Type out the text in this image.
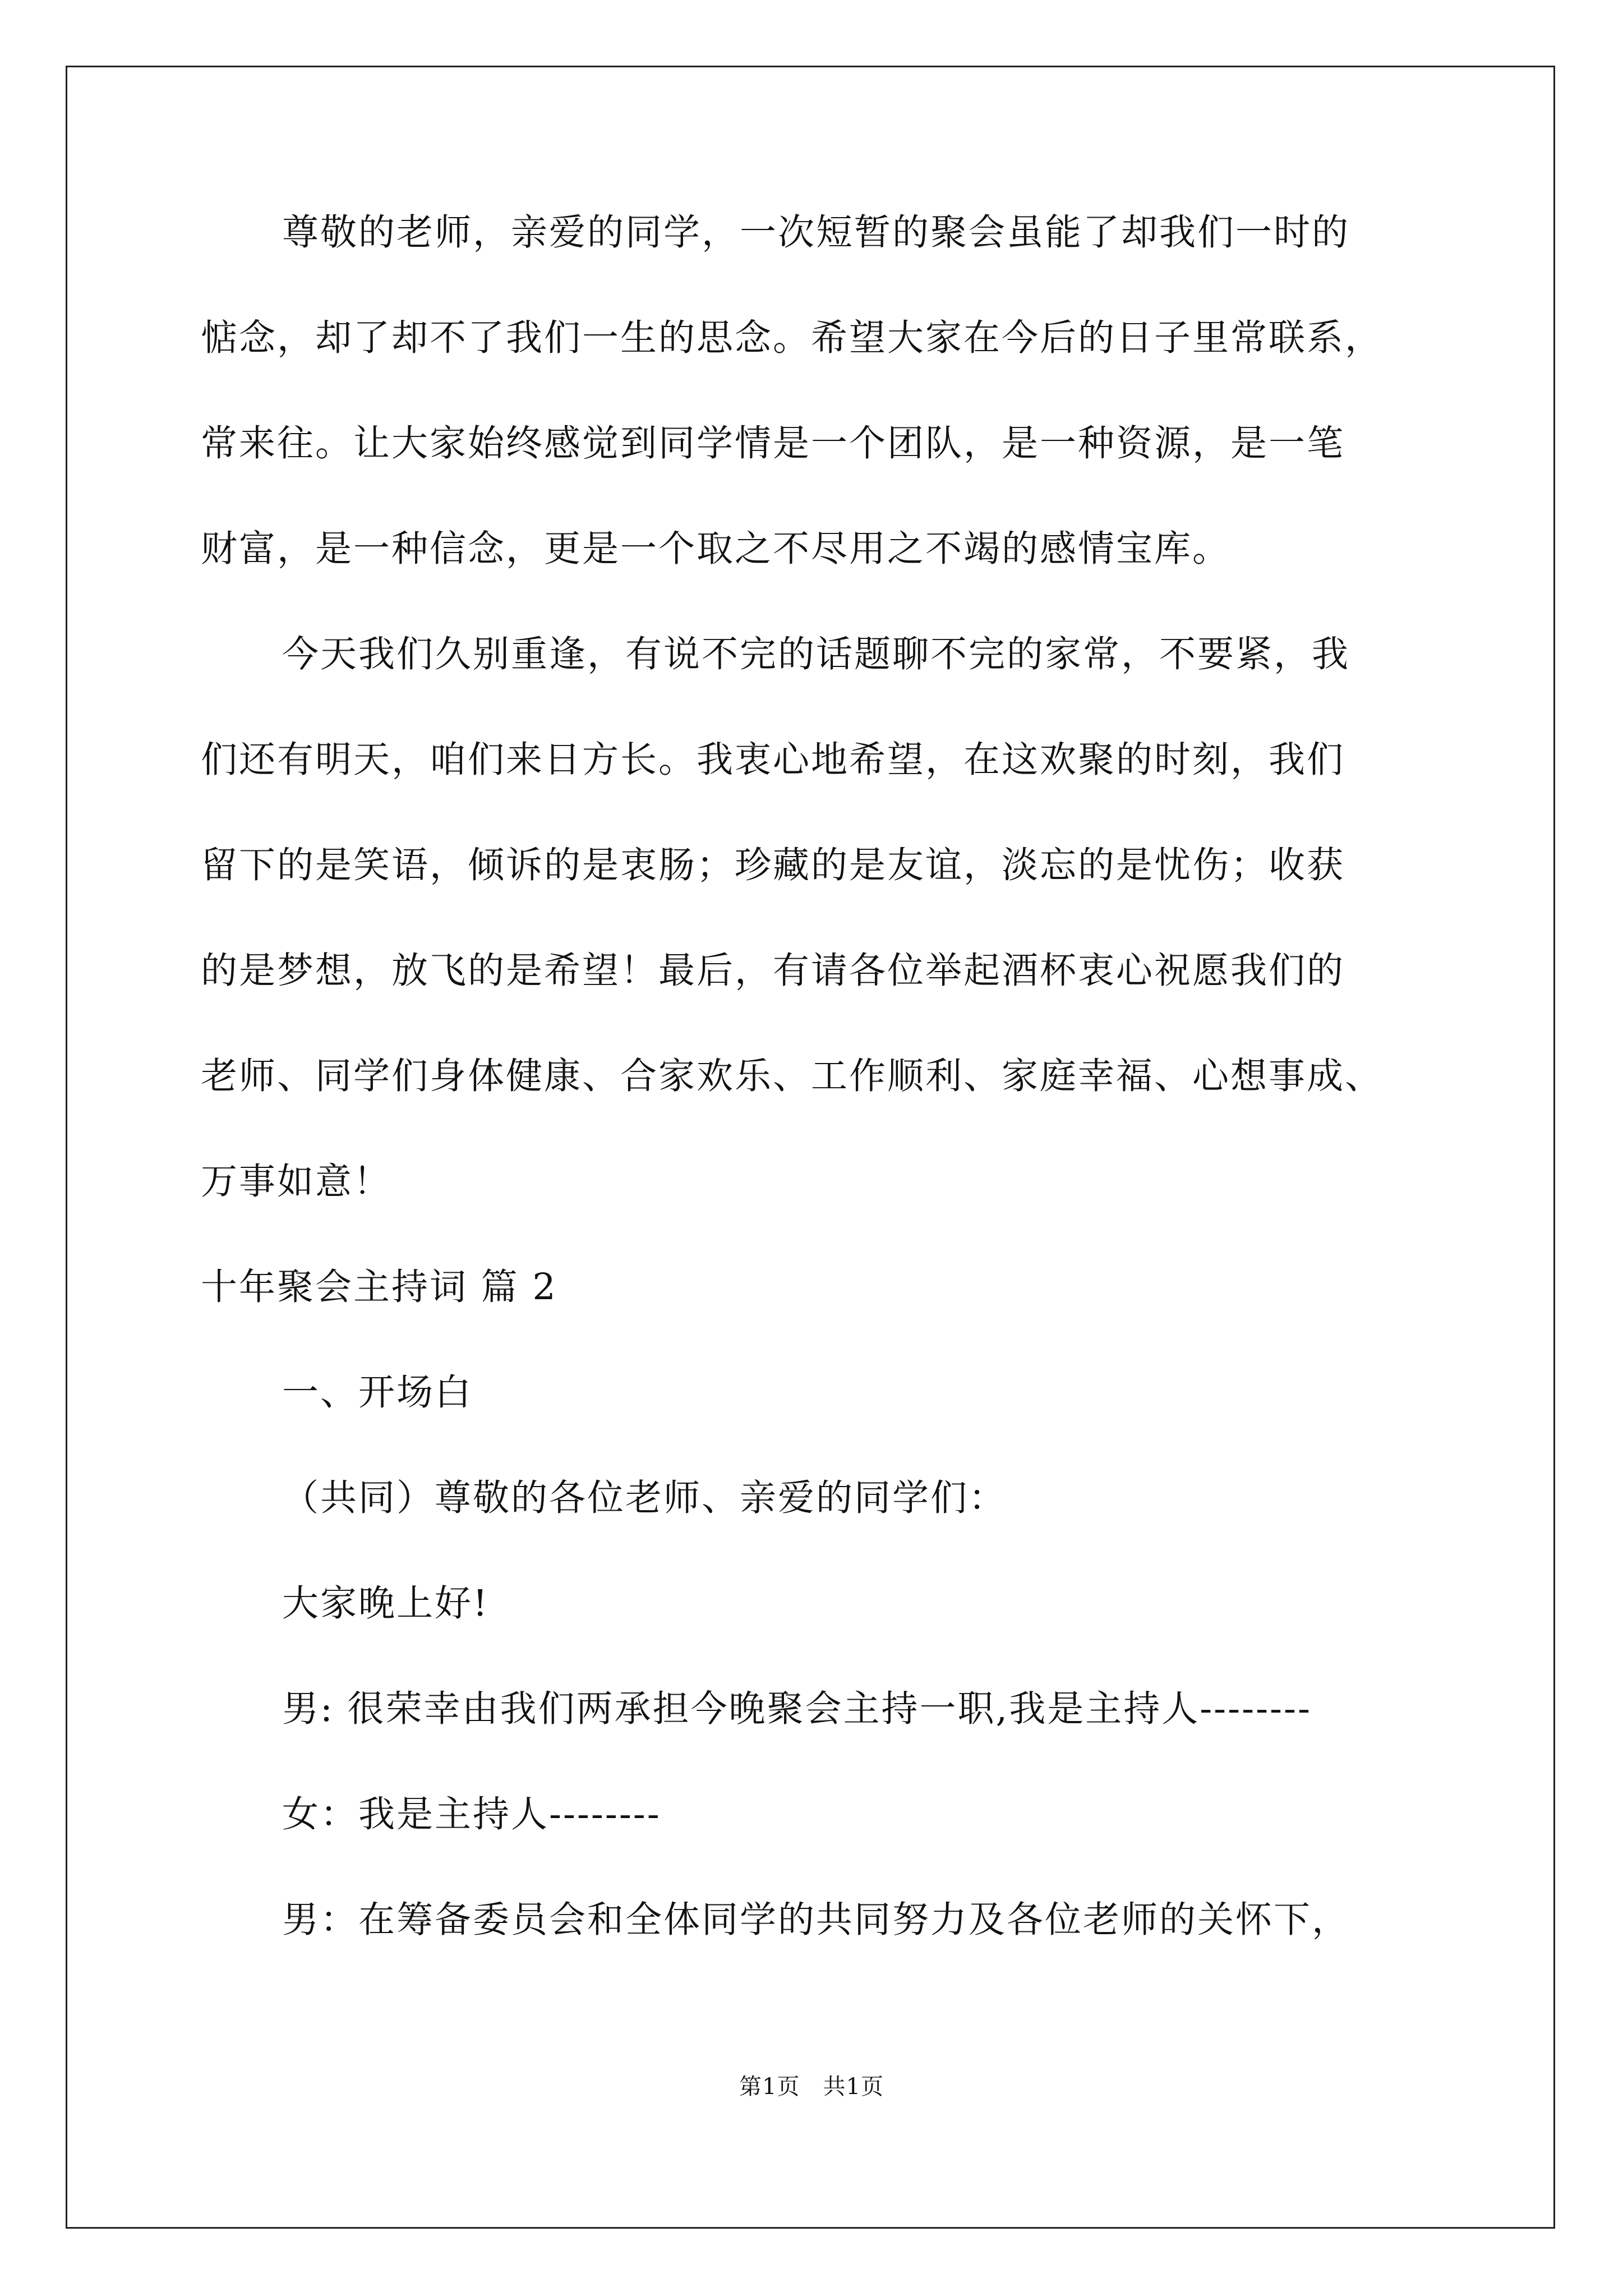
尊敬的老师，亲爱的同学，一次短暂的聚会虽能了却我们一时的
惦念，却了却不了我们一生的思念。希望大家在今后的日子里常联系，
常来往。让大家始终感觉到同学情是一个团队，是一种资源，是一笔
财富，是一种信念，更是一个取之不尽用之不竭的感情宝库。
今天我们久别重逢，有说不完的话题聊不完的家常，不要紧，我
们还有明天，咱们来日方长。我衷心地希望，在这欢聚的时刻，我们
留下的是笑语，倾诉的是衷肠；珍藏的是友谊，淡忘的是忧伤；收获
的是梦想，放飞的是希望！最后，有请各位举起酒杯衷心祝愿我们的
老师、同学们身体健康、合家欢乐、工作顺利、家庭幸福、心想事成、
万事如意！
十年聚会主持词 篇 2
一、开场白
（共同）尊敬的各位老师、亲爱的同学们：
大家晚上好!
男: 很荣幸由我们两承担今晚聚会主持一职,我是主持人--------
女：我是主持人--------
男：在筹备委员会和全体同学的共同努力及各位老师的关怀下，
第1页　共1页
